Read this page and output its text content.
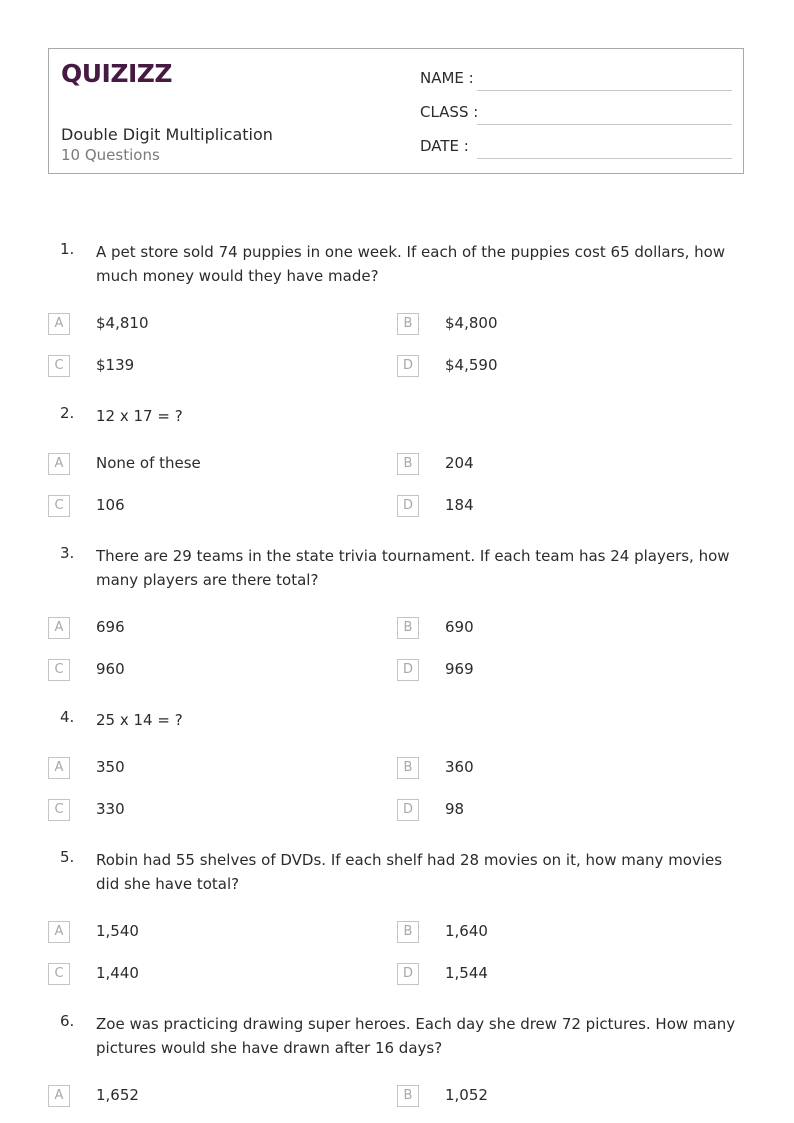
QUIZIZZ
Double Digit Multiplication
10 Questions
NAME :
CLASS :
DATE :
1. A pet store sold 74 puppies in one week. If each of the puppies cost 65 dollars, how much money would they have made?
A	$4,810	B	$4,800
C	$139	D	$4,590
2. 12 x 17 = ?
A	None of these	B	204
C	106	D	184
3. There are 29 teams in the state trivia tournament. If each team has 24 players, how many players are there total?
A	696	B	690
C	960	D	969
4. 25 x 14 = ?
A	350	B	360
C	330	D	98
5. Robin had 55 shelves of DVDs. If each shelf had 28 movies on it, how many movies did she have total?
A	1,540	B	1,640
C	1,440	D	1,544
6. Zoe was practicing drawing super heroes. Each day she drew 72 pictures. How many pictures would she have drawn after 16 days?
A	1,652	B	1,052
